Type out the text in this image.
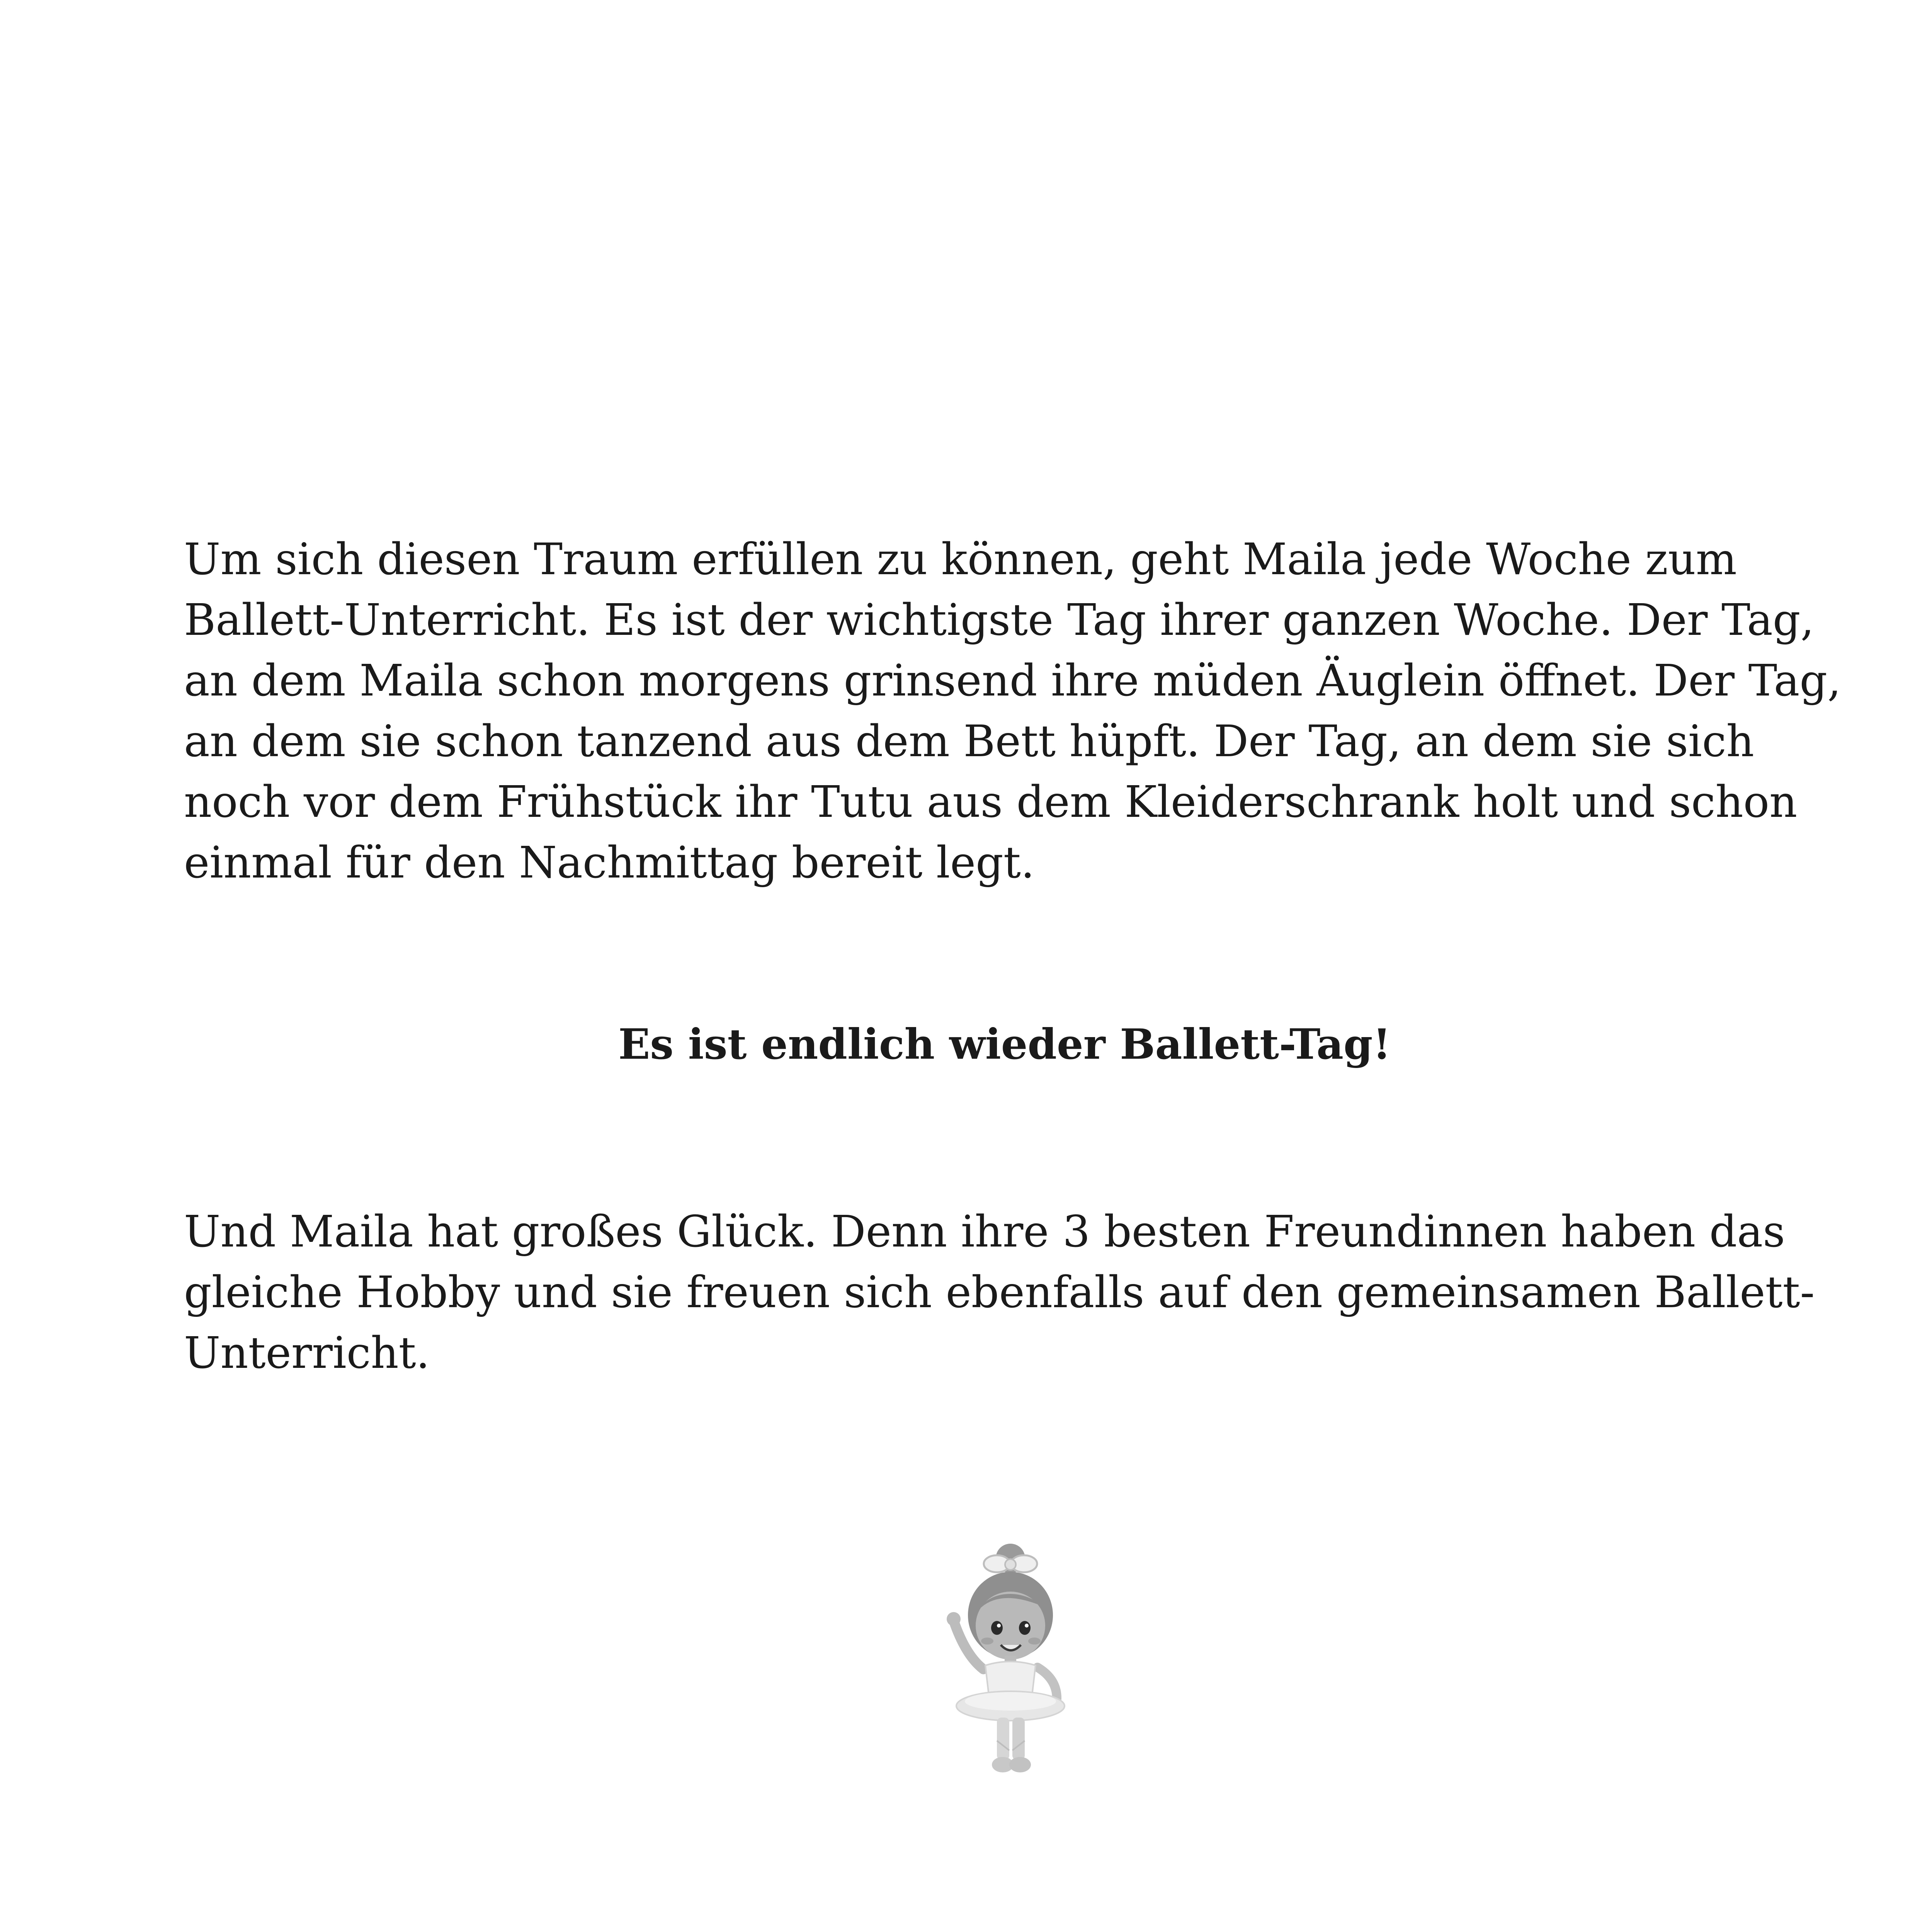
Um sich diesen Traum erfüllen zu können, geht Maila jede Woche zum Ballett-Unterricht. Es ist der wichtigste Tag ihrer ganzen Woche. Der Tag, an dem Maila schon morgens grinsend ihre müden Äuglein öffnet. Der Tag, an dem sie schon tanzend aus dem Bett hüpft. Der Tag, an dem sie sich noch vor dem Frühstück ihr Tutu aus dem Kleiderschrank holt und schon einmal für den Nachmittag bereit legt.

Es ist endlich wieder Ballett-Tag!

Und Maila hat großes Glück. Denn ihre 3 besten Freundinnen haben das gleiche Hobby und sie freuen sich ebenfalls auf den gemeinsamen Ballett-Unterricht.
